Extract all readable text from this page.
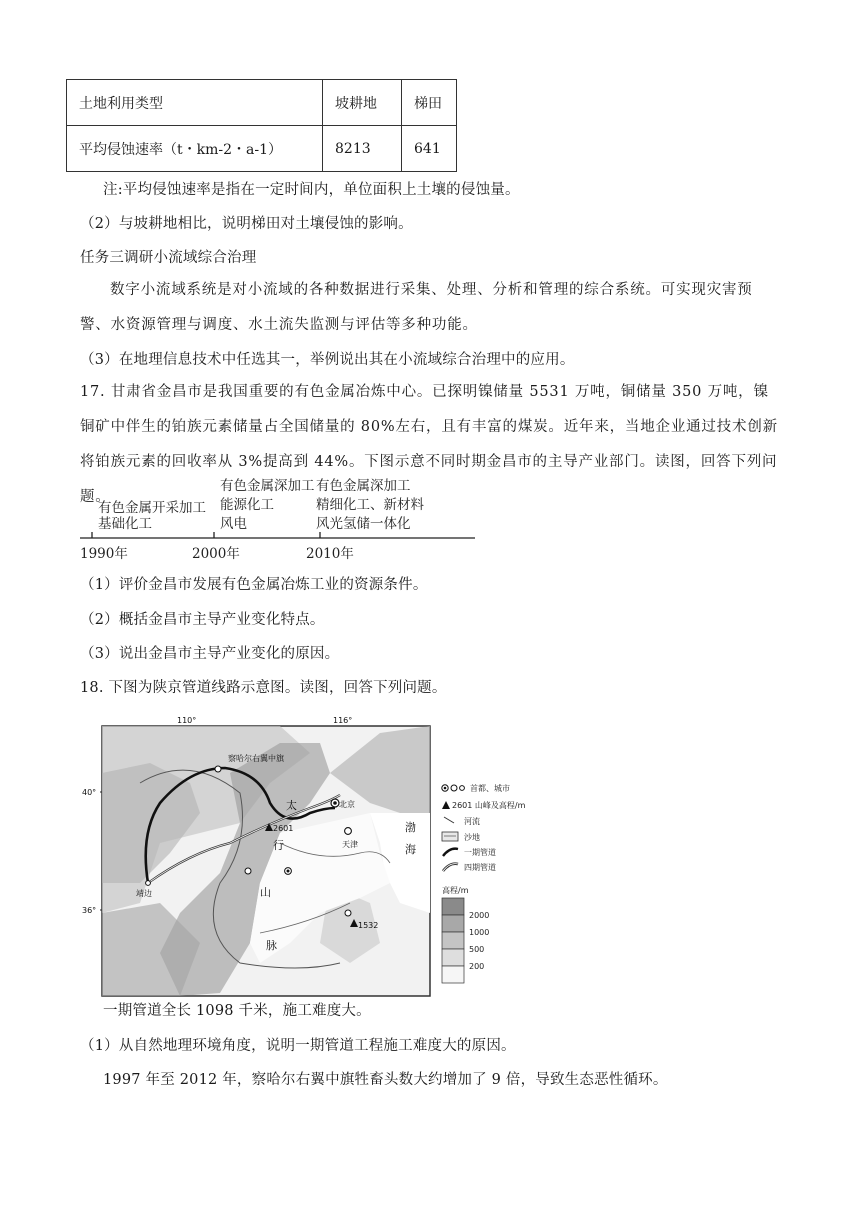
土地利用类型	坡耕地	梯田
平均侵蚀速率（t・km-2・a-1）	8213	641
注:平均侵蚀速率是指在一定时间内，单位面积上土壤的侵蚀量。
（2）与坡耕地相比，说明梯田对土壤侵蚀的影响。
任务三调研小流域综合治理
数字小流域系统是对小流域的各种数据进行采集、处理、分析和管理的综合系统。可实现灾害预警、水资源管理与调度、水土流失监测与评估等多种功能。
（3）在地理信息技术中任选其一，举例说出其在小流域综合治理中的应用。
17. 甘肃省金昌市是我国重要的有色金属冶炼中心。已探明镍储量 5531 万吨，铜储量 350 万吨，镍铜矿中伴生的铂族元素储量占全国储量的 80%左右，且有丰富的煤炭。近年来，当地企业通过技术创新将铂族元素的回收率从 3%提高到 44%。下图示意不同时期金昌市的主导产业部门。读图，回答下列问题。
有色金属开采加工
基础化工
有色金属深加工
能源化工
风电
有色金属深加工
精细化工、新材料
风光氢储一体化
1990年	2000年	2010年
（1）评价金昌市发展有色金属冶炼工业的资源条件。
（2）概括金昌市主导产业变化特点。
（3）说出金昌市主导产业变化的原因。
18. 下图为陕京管道线路示意图。读图，回答下列问题。
110°	116°
40°
36°
2601
1532
察哈尔右翼中旗
北京
天津
靖边
太
行
山
脉
渤
海
首都、城市
2601 山峰及高程/m
河流
沙地
一期管道
四期管道
高程/m
2000
1000
500
200
一期管道全长 1098 千米，施工难度大。
（1）从自然地理环境角度，说明一期管道工程施工难度大的原因。
1997 年至 2012 年，察哈尔右翼中旗牲畜头数大约增加了 9 倍，导致生态恶性循环。
